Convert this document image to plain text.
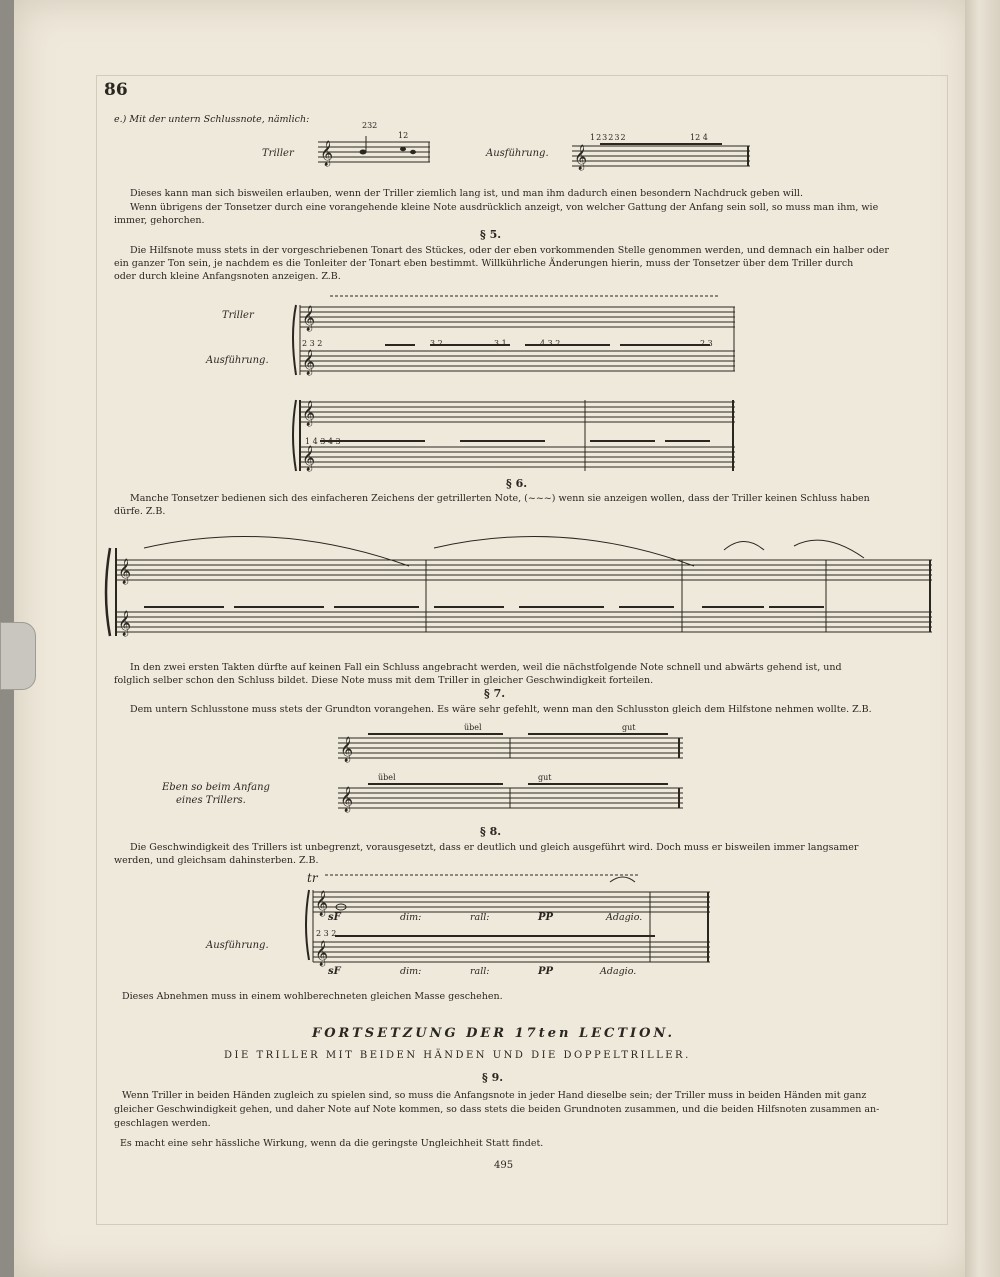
86
e.) Mit der untern Schlussnote, nämlich:
Triller
232
12
𝄞	Ausführung.
123232	12 4
𝄞
Dieses kann man sich bisweilen erlauben, wenn der Triller ziemlich lang ist, und man ihm dadurch einen besondern Nachdruck geben will.
Wenn übrigens der Tonsetzer durch eine vorangehende kleine Note ausdrücklich anzeigt, von welcher Gattung der Anfang sein soll, so muss man ihm, wie
immer, gehorchen.
§ 5.
Die Hilfsnote muss stets in der vorgeschriebenen Tonart des Stückes, oder der eben vorkommenden Stelle genommen werden, und demnach ein halber oder
ein ganzer Ton sein, je nachdem es die Tonleiter der Tonart eben bestimmt. Willkührliche Änderungen hierin, muss der Tonsetzer über dem Triller durch
oder durch kleine Anfangsnoten anzeigen. Z.B.
Triller
Ausführung.
𝄞
𝄞
𝄞
𝄞
2 3 2	3 2	3 1	4 3 2
1 4 3 4 3
2 3
§ 6.
Manche Tonsetzer bedienen sich des einfacheren Zeichens der getrillerten Note, (~~~) wenn sie anzeigen wollen, dass der Triller keinen Schluss haben
dürfe. Z.B.
𝄞
𝄞
In den zwei ersten Takten dürfte auf keinen Fall ein Schluss angebracht werden, weil die nächstfolgende Note schnell und abwärts gehend ist, und
folglich selber schon den Schluss bildet. Diese Note muss mit dem Triller in gleicher Geschwindigkeit forteilen.
§ 7.
Dem untern Schlusstone muss stets der Grundton vorangehen. Es wäre sehr gefehlt, wenn man den Schlusston gleich dem Hilfstone nehmen wollte. Z.B.
übel	gut
𝄞
Eben so beim Anfang
eines Trillers.
übel	gut
𝄞
§ 8.
Die Geschwindigkeit des Trillers ist unbegrenzt, vorausgesetzt, dass er deutlich und gleich ausgeführt wird. Doch muss er bisweilen immer langsamer
werden, und gleichsam dahinsterben. Z.B.
tr
𝄞
𝄞
sF	dim:	rall:	PP	Adagio.
Ausführung.
2 3 2
sF	dim:	rall:	PP	Adagio.
Dieses Abnehmen muss in einem wohlberechneten gleichen Masse geschehen.
FORTSETZUNG DER 17ten LECTION.
DIE TRILLER MIT BEIDEN HÄNDEN UND DIE DOPPELTRILLER.
§ 9.
Wenn Triller in beiden Händen zugleich zu spielen sind, so muss die Anfangsnote in jeder Hand dieselbe sein; der Triller muss in beiden Händen mit ganz
gleicher Geschwindigkeit gehen, und daher Note auf Note kommen, so dass stets die beiden Grundnoten zusammen, und die beiden Hilfsnoten zusammen an-
geschlagen werden.
Es macht eine sehr hässliche Wirkung, wenn da die geringste Ungleichheit Statt findet.
495
